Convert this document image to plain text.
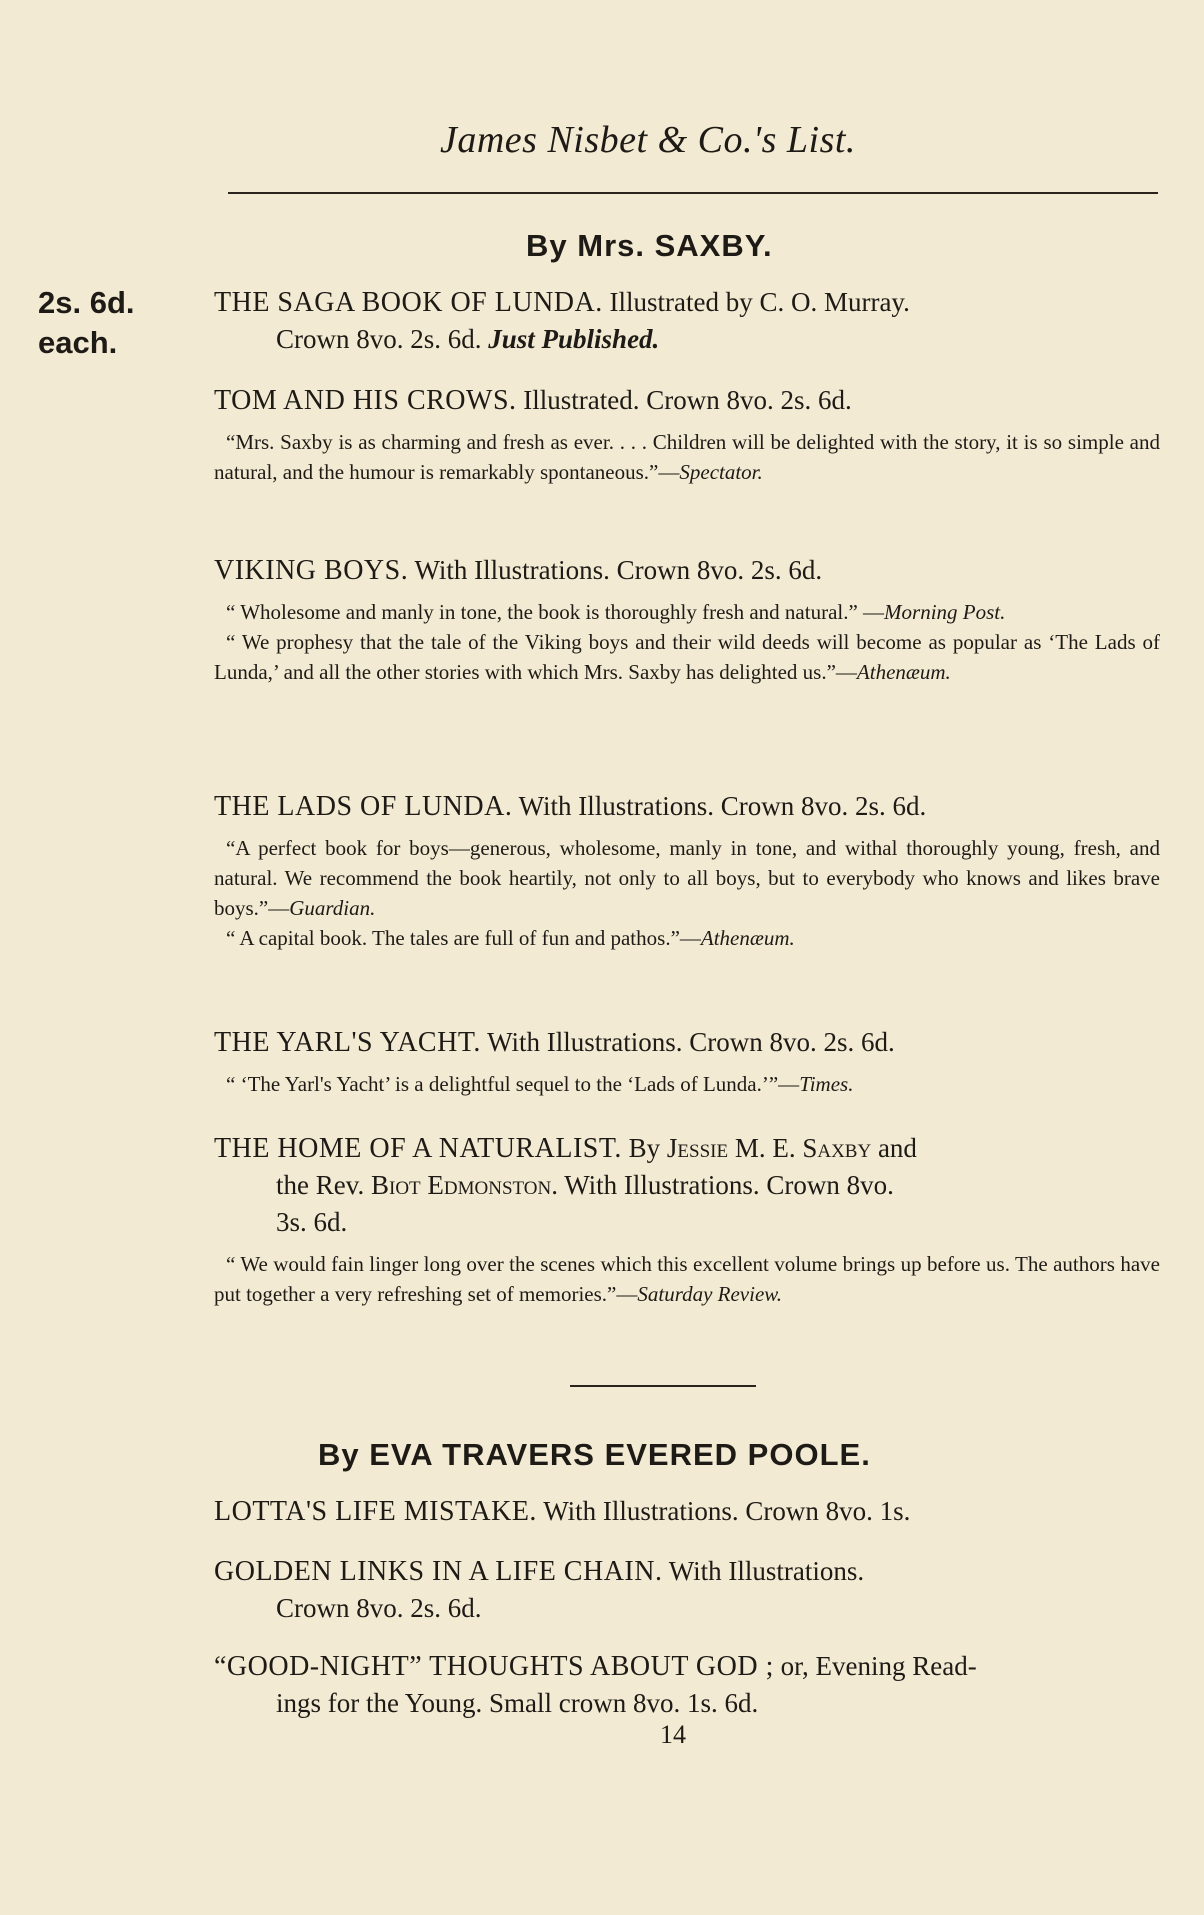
James Nisbet & Co.'s List.
By Mrs. SAXBY.
2s. 6d.
each.
THE SAGA BOOK OF LUNDA. Illustrated by C. O. Murray.
Crown 8vo. 2s. 6d. Just Published.
TOM AND HIS CROWS. Illustrated. Crown 8vo. 2s. 6d.

“Mrs. Saxby is as charming and fresh as ever. . . . Children will be delighted with the story, it is so simple and natural, and the humour is remarkably spontaneous.”—Spectator.

VIKING BOYS. With Illustrations. Crown 8vo. 2s. 6d.

“ Wholesome and manly in tone, the book is thoroughly fresh and natural.” —Morning Post.

“ We prophesy that the tale of the Viking boys and their wild deeds will become as popular as ‘The Lads of Lunda,’ and all the other stories with which Mrs. Saxby has delighted us.”—Athenæum.

THE LADS OF LUNDA. With Illustrations. Crown 8vo. 2s. 6d.

“A perfect book for boys—generous, wholesome, manly in tone, and withal thoroughly young, fresh, and natural. We recommend the book heartily, not only to all boys, but to everybody who knows and likes brave boys.”—Guardian.

“ A capital book. The tales are full of fun and pathos.”—Athenæum.

THE YARL'S YACHT. With Illustrations. Crown 8vo. 2s. 6d.

“ ‘The Yarl's Yacht’ is a delightful sequel to the ‘Lads of Lunda.’”—Times.

THE HOME OF A NATURALIST. By Jessie M. E. Saxby and
the Rev. Biot Edmonston. With Illustrations. Crown 8vo.
3s. 6d.

“ We would fain linger long over the scenes which this excellent volume brings up before us. The authors have put together a very refreshing set of memories.”—Saturday Review.

By EVA TRAVERS EVERED POOLE.
LOTTA'S LIFE MISTAKE. With Illustrations. Crown 8vo. 1s.
GOLDEN LINKS IN A LIFE CHAIN. With Illustrations.
Crown 8vo. 2s. 6d.
“GOOD-NIGHT” THOUGHTS ABOUT GOD ; or, Evening Read-
ings for the Young. Small crown 8vo. 1s. 6d.
14
